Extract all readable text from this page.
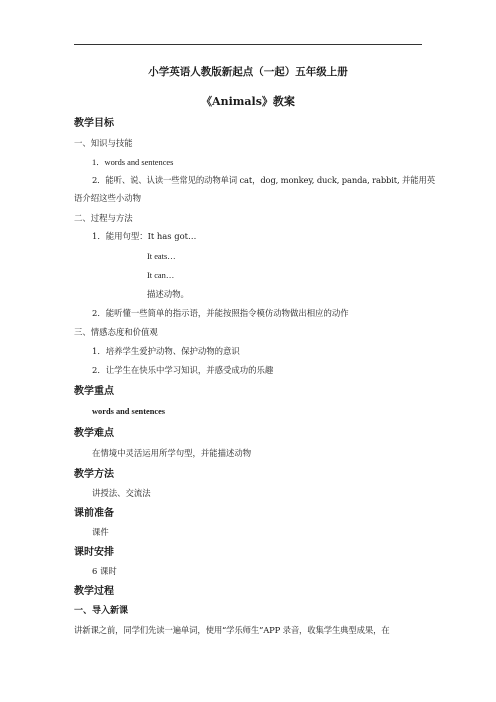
小学英语人教版新起点（一起）五年级上册
《Animals》教案
教学目标
一、知识与技能
1．words and sentences
2．能听、说、认读一些常见的动物单词 cat，dog, monkey, duck, panda, rabbit, 并能用英
语介绍这些小动物
二、过程与方法
1．能用句型：It has got…
It eats…
It can…
描述动物。
2．能听懂一些简单的指示语，并能按照指令模仿动物做出相应的动作
三、情感态度和价值观
1．培养学生爱护动物、保护动物的意识
2．让学生在快乐中学习知识，并感受成功的乐趣
教学重点
words and sentences
教学难点
在情境中灵活运用所学句型，并能描述动物
教学方法
讲授法、交流法
课前准备
课件
课时安排
6 课时
教学过程
一、导入新课
讲新课之前，同学们先读一遍单词，使用“学乐师生”APP 录音，收集学生典型成果，在
